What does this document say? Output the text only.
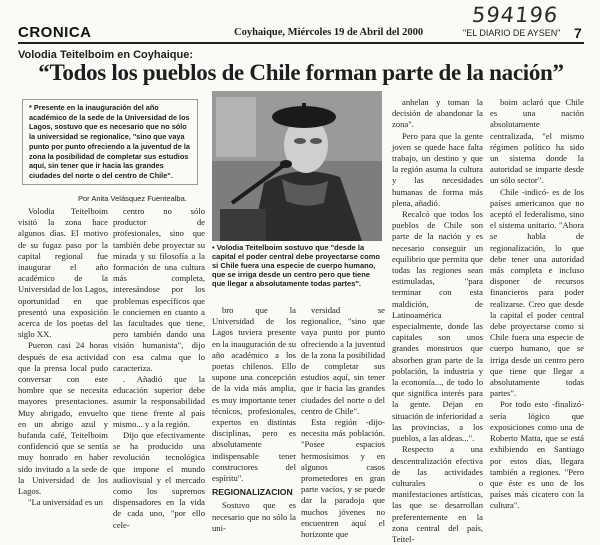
594196
CRONICA	Coyhaique, Miércoles 19 de Abril del 2000	"EL DIARIO DE AYSEN" 7
Volodia Teitelboim en Coyhaique:
“Todos los pueblos de Chile forman parte de la nación”
* Presente en la inauguración del año académico de la sede de la Universidad de los Lagos, sostuvo que es necesario que no sólo la universidad se regionalice, "sino que vaya punto por punto ofreciendo a la juventud de la zona la posibilidad de completar sus estudios aquí, sin tener que ir hacia las grandes ciudades del norte o del centro de Chile".
Por Anita Velásquez Fuentealba.
• Volodia Teitelboim sostuvo que "desde la capital el poder central debe proyectarse como si Chile fuera una especie de cuerpo humano, que se irriga desde un centro pero que tiene que llegar a absolutamente todas partes".

Volodia Teitelboim visitó la zona hace algunos días. El motivo de su fugaz paso por la capital regional fue inaugurar el año académico de la Universidad de los Lagos, oportunidad en que presentó una exposición acerca de los poetas del siglo XX.

Pueron casi 24 horas después de esa actividad que la prensa local pudo conversar con este hombre que se necesita mayores presentaciones. Muy abrigado, envuelto en un abrigo azul y bufanda café, Teitelboim confidenció que se sentía muy honrado en haber sido invitado a la sede de la Universidad de los Lagos.

"La universidad es un

centro no sólo productor de profesionales, sino que también debe proyectar su mirada y su filosofía a la formación de una cultura más completa, interesándose por los problemas específicos que le conciernen en cuanto a las facultades que tiene, pero también dando una visión humanista", dijo con esa calma que lo caracteriza.

. Añadió que la educación superior debe asumir la responsabilidad que tiene frente al país mismo... y a la región.

Dijo que efectivamente se ha producido una revolución tecnológica que impone el mundo audiovisual y el mercado como los supremos dispensadores en la vida de cada uno, "por ello cele-

bro que la Universidad de los Lagos tuviera presente en la inauguración de su año académico a los poetas chilenos. Ello supone una concepción de la vida más amplia, es muy importante tener técnicos, profesionales, expertos en distintas disciplinas, pero es absolutamente indispensable tener constructores del espíritu".

REGIONALIZACION

Sostuvo que es necesario que no sólo la uni-

versidad se regionalice, "sino que vaya punto por punto ofreciendo a la juventud de la zona la posibilidad de completar sus estudios aquí, sin tener que ir hacia las grandes ciudades del norte o del centro de Chile".

Esta región -dijo- necesita más población. "Posee espacios hermosísimos y en algunos casos prometedores en gran parte vacíos, y se puede dar la paradoja que muchos jóvenes no encuentren aquí el horizonte que

anhelan y toman la decisión de abandonar la zona".

Pero para que la gente joven se quede hace falta trabajo, un destino y que la región asuma la cultura y las necesidades humanas de forma más plena, añadió.

Recalcó que todos los pueblos de Chile son parte de la nación y es necesario conseguir un equilibrio que permita que todas las regiones sean estimuladas, "para terminar con esta maldición, de Latinoamérica especialmente, donde las capitales son unos grandes monstruos que absorben gran parte de la población, la industria y la economía..., de todo lo que significa interés para la gente. Dejan en situación de inferioridad a las provincias, a los pueblos, a las aldeas...".

Respecto a una descentralización efectiva de las actividades culturales o manifestaciones artísticas, las que se desarrollan preferentemente en la zona central del país, Teitel-

boim aclaró que Chile es una nación absolutamente centralizada, "el mismo régimen político ha sido un sistema donde la autoridad se imparte desde un sólo sector".

Chile -indicó- es de los países americanos que no aceptó el federalismo, sino el sistema unitario. "Ahora se habla de regionalización, lo que debe tener una autoridad más completa e incluso disponer de recursos financieros para poder realizarse. Creo que desde la capital el poder central debe proyectarse como si Chile fuera una especie de cuerpo humano, que se irriga desde un centro pero que tiene que llegar a absolutamente todas partes".

Por todo esto -finalizó- sería lógico que exposiciones como una de Roberto Matta, que se está exhibiendo en Santiago por estos días, llegara también a regiones. "Pero que éste es uno de los países más cicatero con la cultura".
